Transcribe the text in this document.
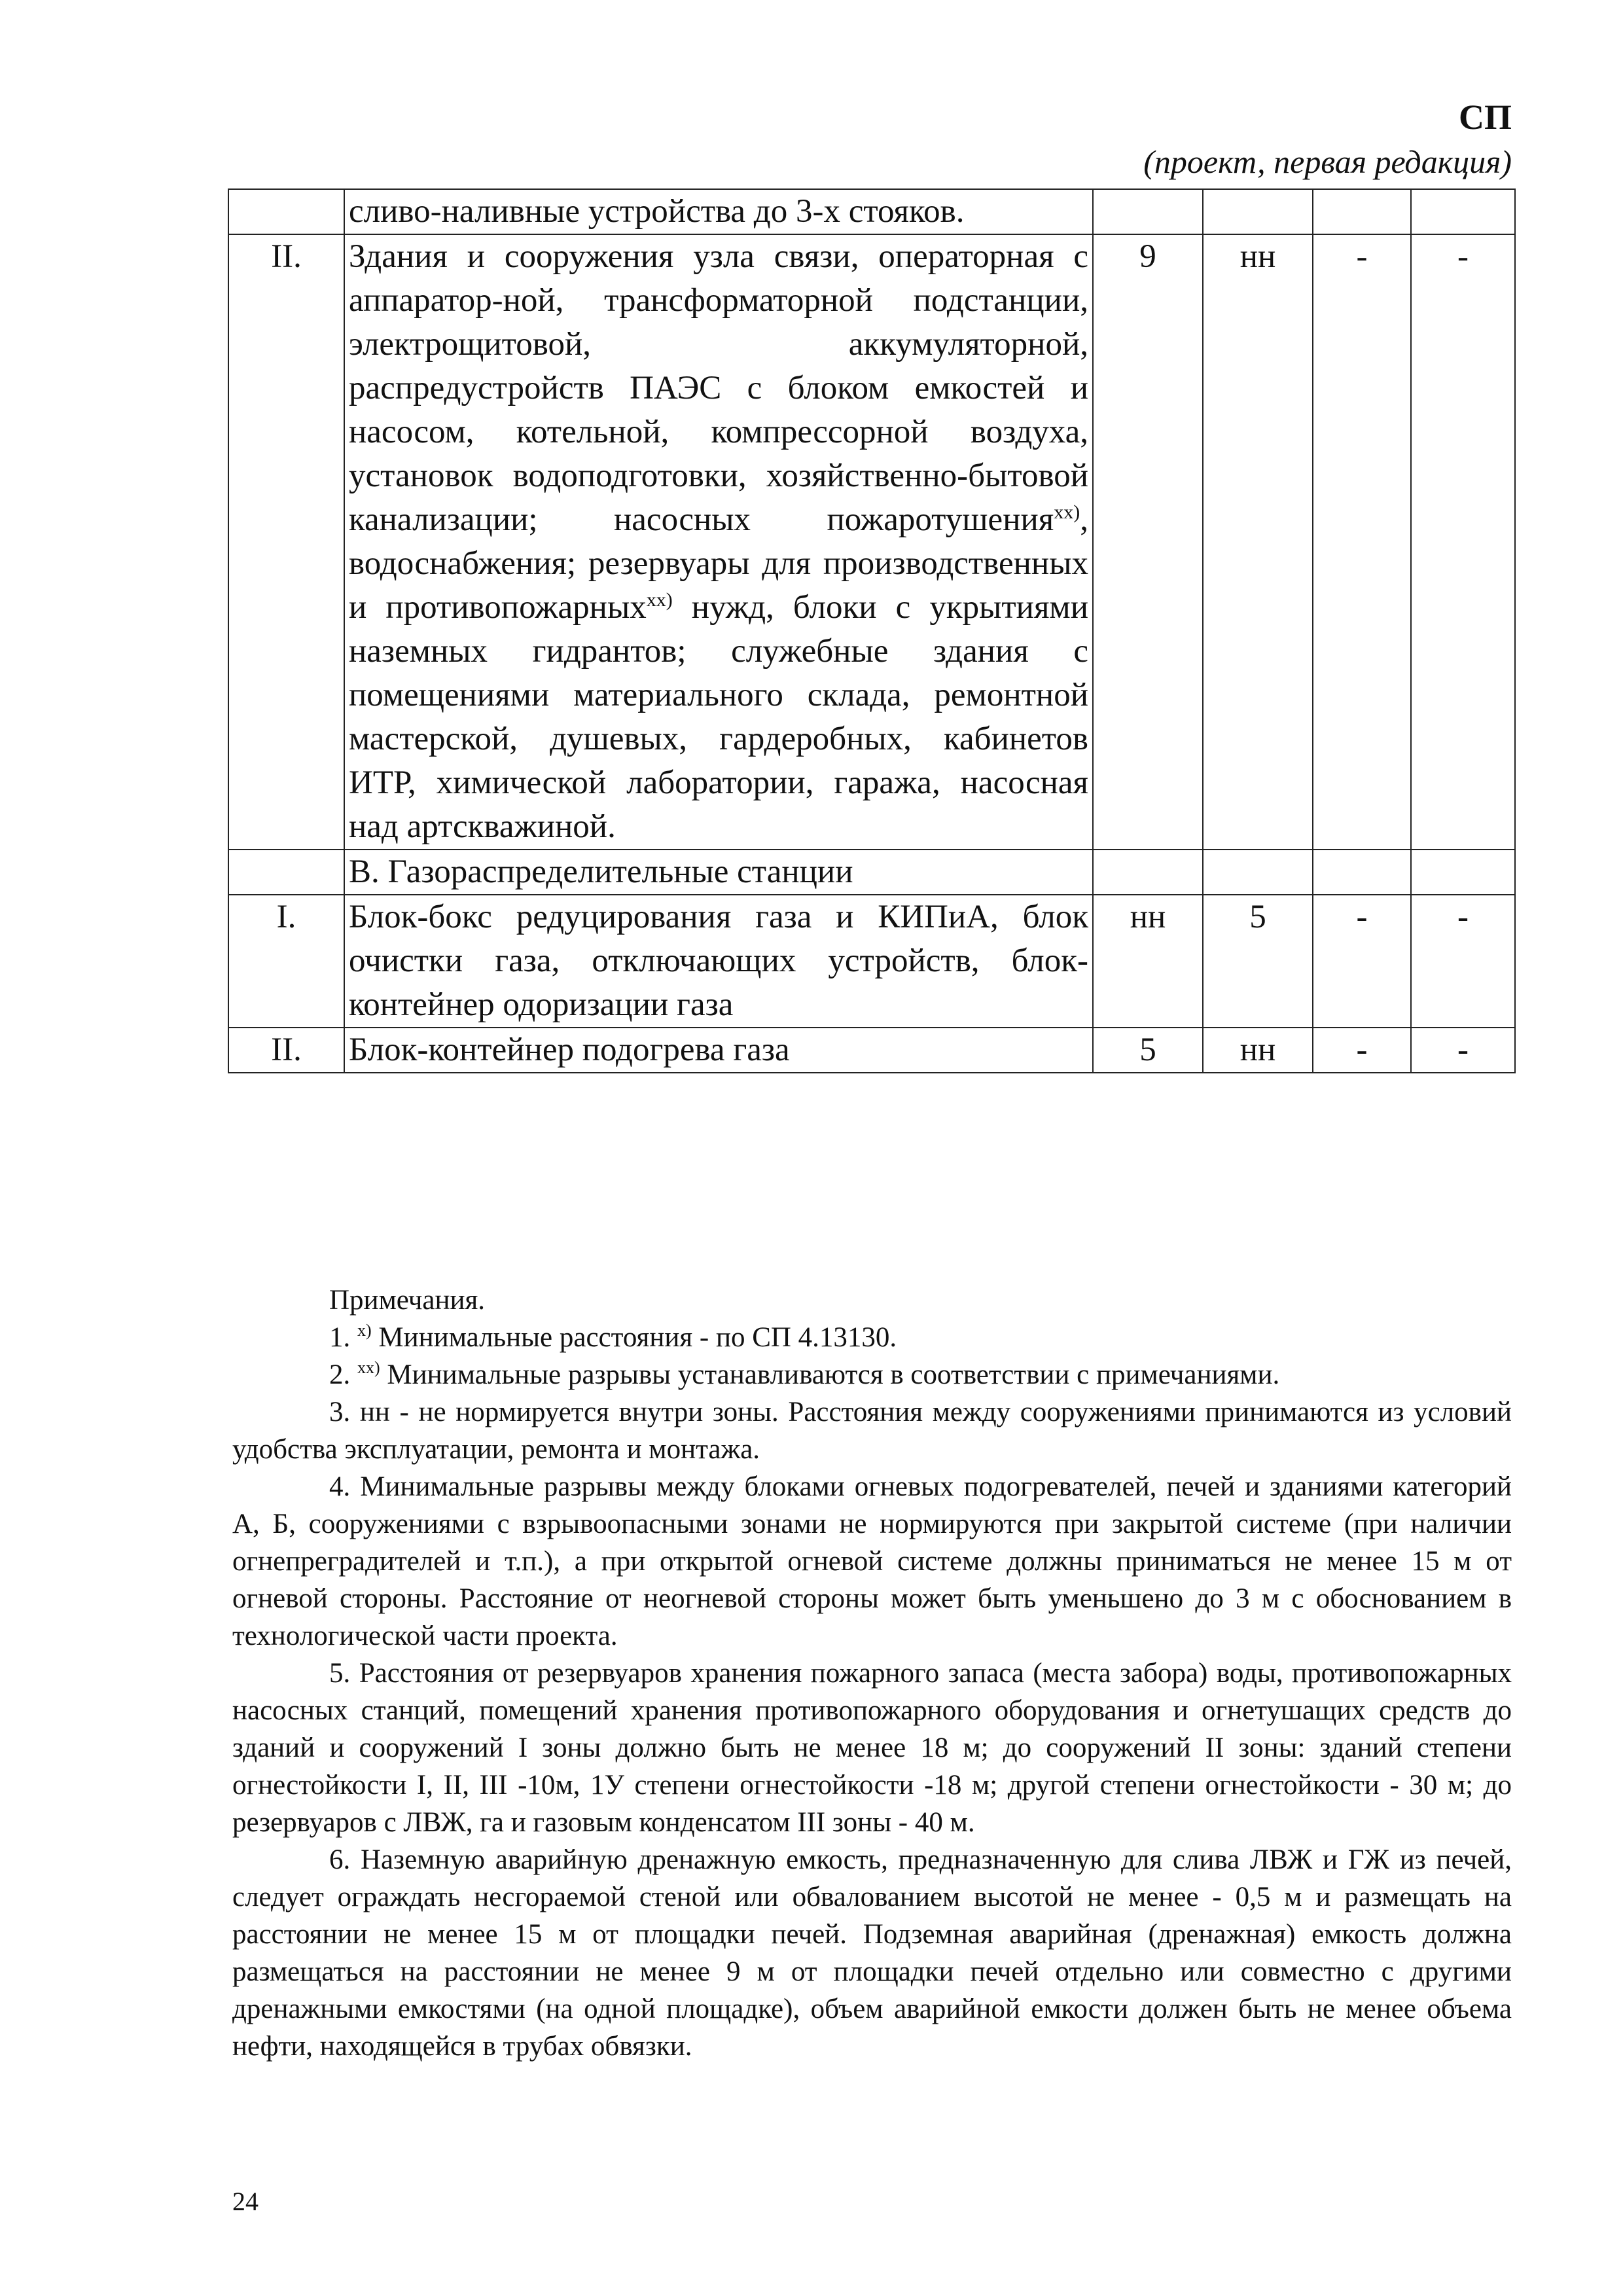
СП
(проект, первая редакция)
	сливо-наливные устройства до 3-х стояков.				
II.	Здания и сооружения узла связи, операторная с аппаратор-ной, трансформаторной подстанции, электрощитовой, аккумуляторной, распредустройств ПАЭС с блоком емкостей и насосом, котельной, компрессорной воздуха, установок водоподготовки, хозяйственно-бытовой канализации; насосных пожаротушения$^{xx)}$, водоснабжения; резервуары для производственных и противопожарных$^{xx)}$ нужд, блоки с укрытиями наземных гидрантов; служебные здания с помещениями материального склада, ремонтной мастерской, душевых, гардеробных, кабинетов ИТР, химической лаборатории, гаража, насосная над артскважиной.	9	нн	-	-
	В. Газораспределительные станции				
I.	Блок-бокс редуцирования газа и КИПиА, блок очистки газа, отключающих устройств, блок-контейнер одоризации газа	нн	5	-	-
II.	Блок-контейнер подогрева газа	5	нн	-	-

Примечания.

1. $^{x)}$ Минимальные расстояния - по СП 4.13130.

2. $^{xx)}$ Минимальные разрывы устанавливаются в соответствии с примечаниями.

3. нн - не нормируется внутри зоны. Расстояния между сооружениями принимаются из условий удобства эксплуатации, ремонта и монтажа.

4. Минимальные разрывы между блоками огневых подогревателей, печей и зданиями категорий А, Б, сооружениями с взрывоопасными зонами не нормируются при закрытой системе (при наличии огнепреградителей и т.п.), а при открытой огневой системе должны приниматься не менее 15 м от огневой стороны. Расстояние от неогневой стороны может быть уменьшено до 3 м с обоснованием в технологической части проекта.

5. Расстояния от резервуаров хранения пожарного запаса (места забора) воды, противопожарных насосных станций, помещений хранения противопожарного оборудования и огнетушащих средств до зданий и сооружений I зоны должно быть не менее 18 м; до сооружений II зоны: зданий степени огнестойкости I, II, III -10м, 1У степени огнестойкости -18 м; другой степени огнестойкости - 30 м; до резервуаров с ЛВЖ, га и газовым конденсатом III зоны - 40 м.

6. Наземную аварийную дренажную емкость, предназначенную для слива ЛВЖ и ГЖ из печей, следует ограждать несгораемой стеной или обвалованием высотой не менее - 0,5 м и размещать на расстоянии не менее 15 м от площадки печей. Подземная аварийная (дренажная) емкость должна размещаться на расстоянии не менее 9 м от площадки печей отдельно или совместно с другими дренажными емкостями (на одной площадке), объем аварийной емкости должен быть не менее объема нефти, находящейся в трубах обвязки.

24
